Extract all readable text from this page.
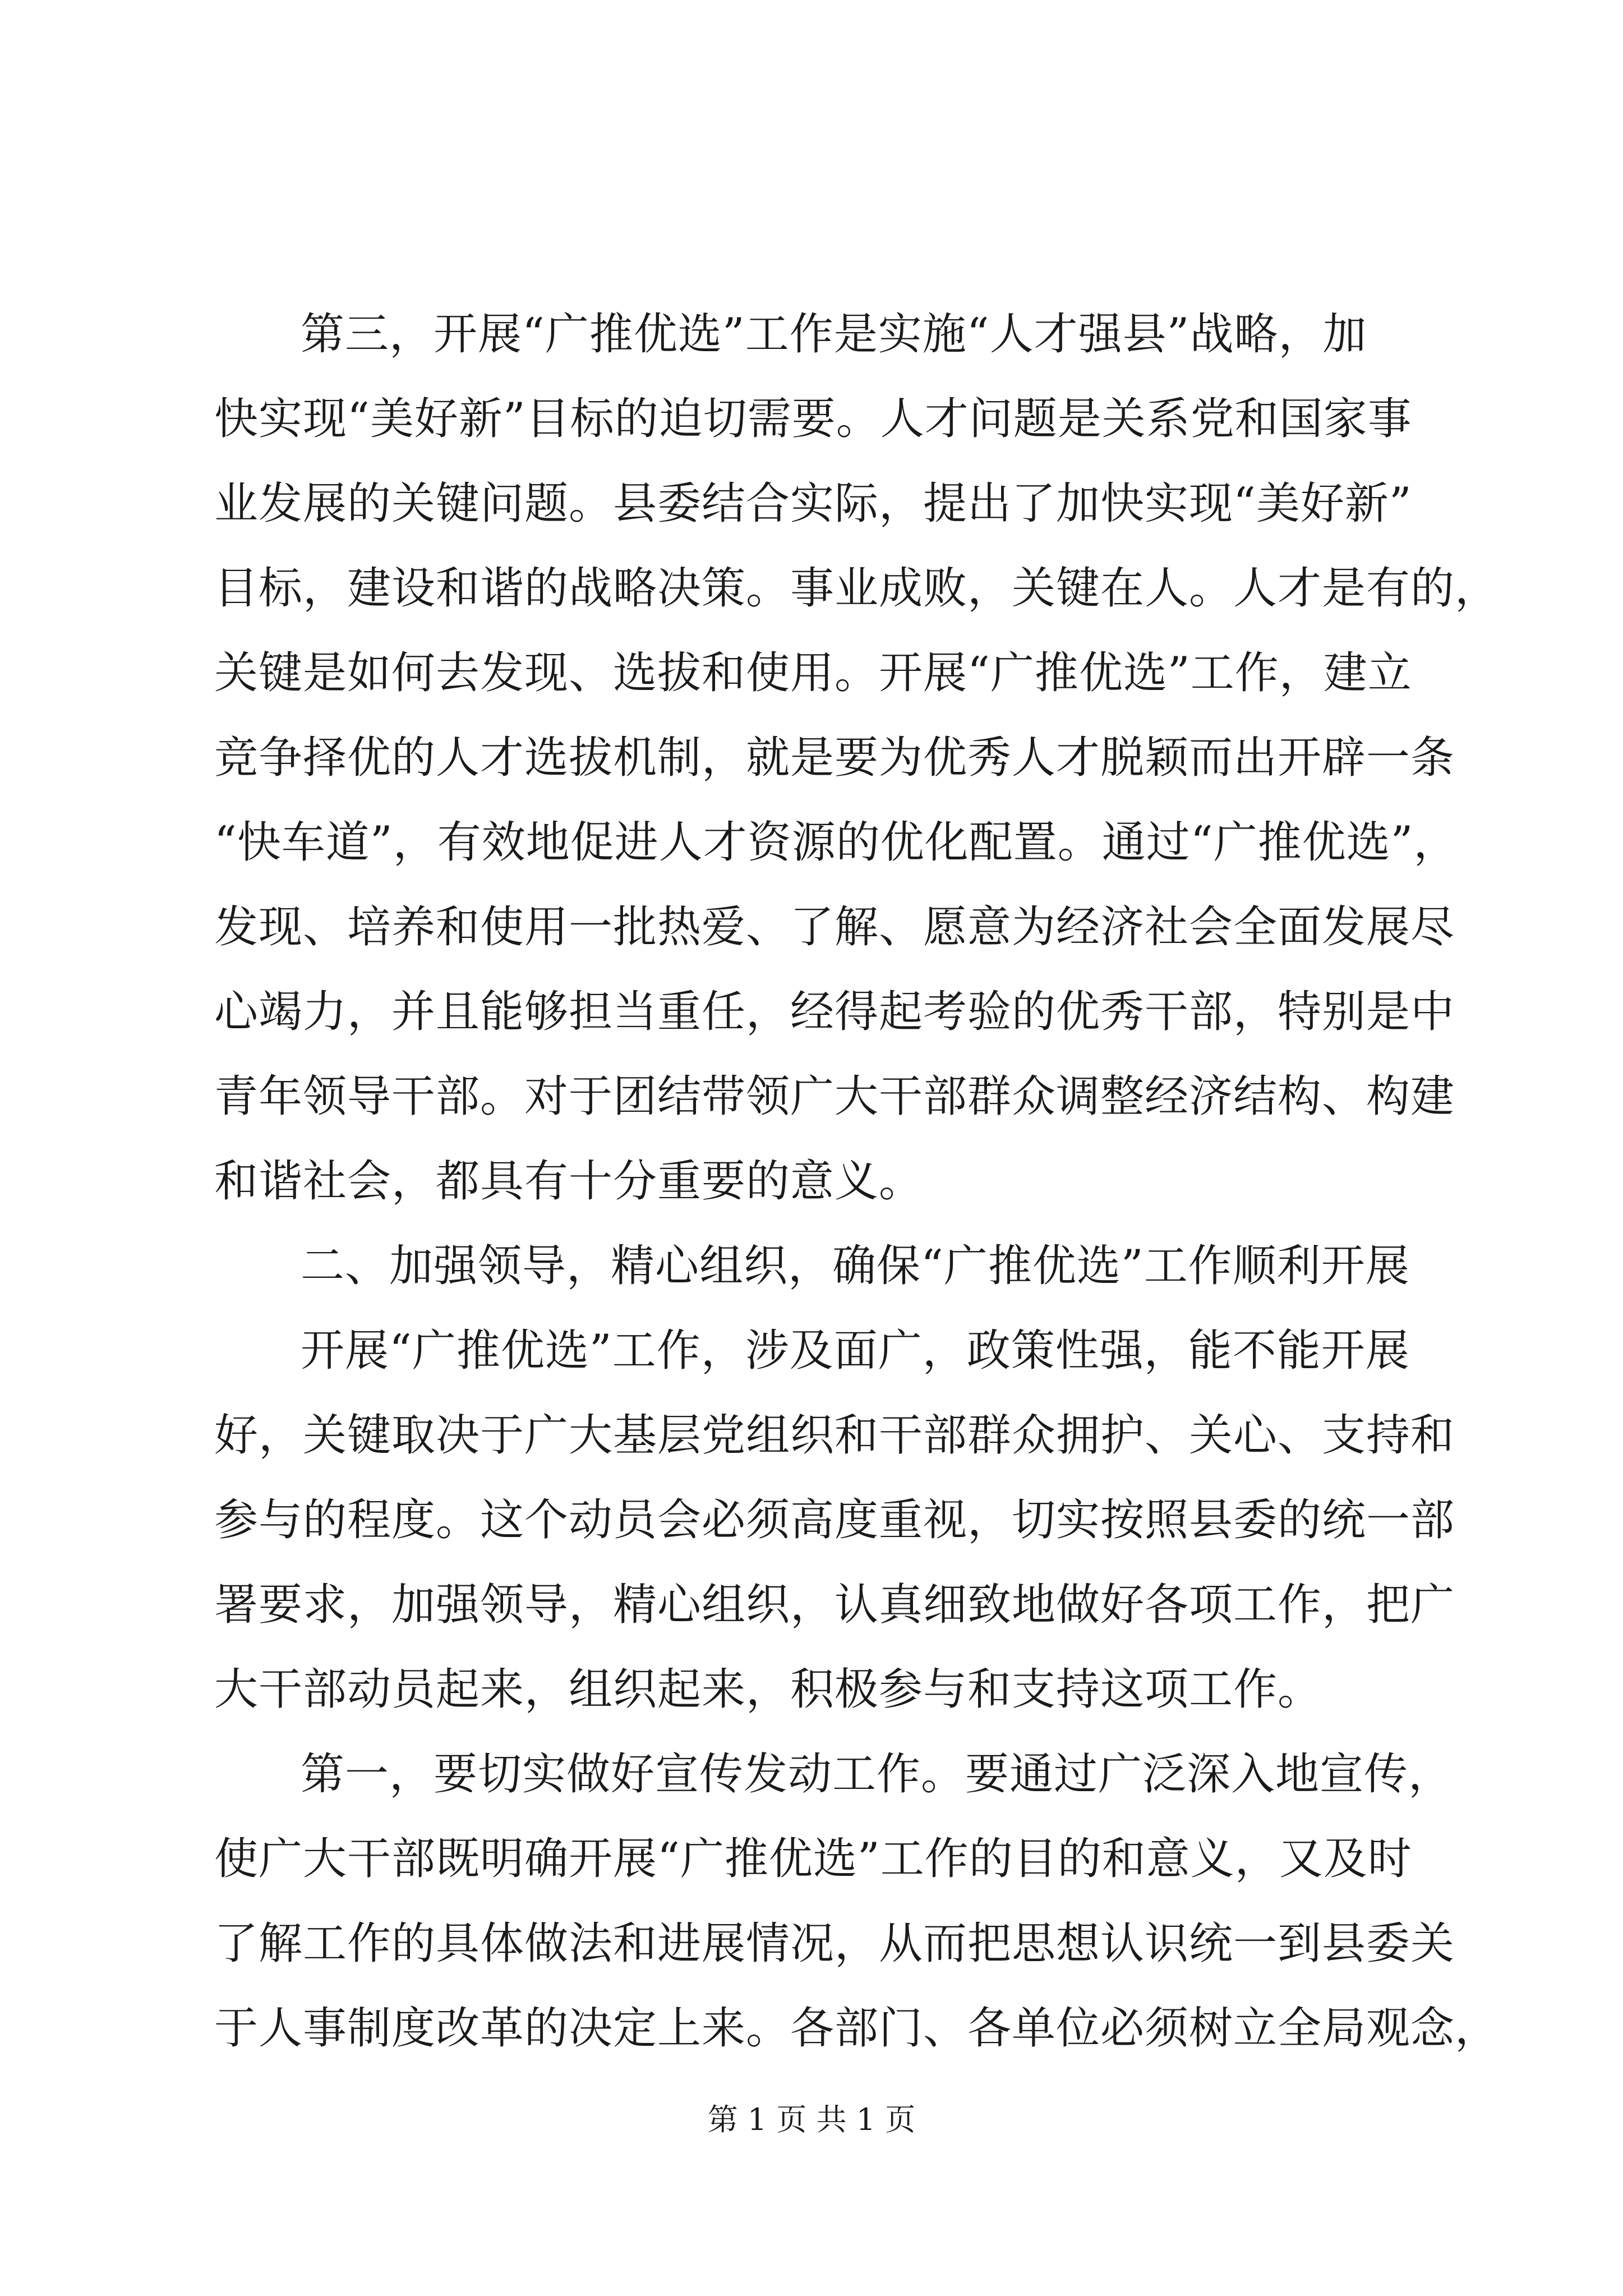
第三，开展“广推优选”工作是实施“人才强县”战略，加

快实现“美好新”目标的迫切需要。人才问题是关系党和国家事

业发展的关键问题。县委结合实际，提出了加快实现“美好新”

目标，建设和谐的战略决策。事业成败，关键在人。人才是有的，

关键是如何去发现、选拔和使用。开展“广推优选”工作，建立

竞争择优的人才选拔机制，就是要为优秀人才脱颖而出开辟一条

“快车道”，有效地促进人才资源的优化配置。通过“广推优选”，

发现、培养和使用一批热爱、了解、愿意为经济社会全面发展尽

心竭力，并且能够担当重任，经得起考验的优秀干部，特别是中

青年领导干部。对于团结带领广大干部群众调整经济结构、构建

和谐社会，都具有十分重要的意义。

二、加强领导，精心组织，确保“广推优选”工作顺利开展

开展“广推优选”工作，涉及面广，政策性强，能不能开展

好，关键取决于广大基层党组织和干部群众拥护、关心、支持和

参与的程度。这个动员会必须高度重视，切实按照县委的统一部

署要求，加强领导，精心组织，认真细致地做好各项工作，把广

大干部动员起来，组织起来，积极参与和支持这项工作。

第一，要切实做好宣传发动工作。要通过广泛深入地宣传，

使广大干部既明确开展“广推优选”工作的目的和意义，又及时

了解工作的具体做法和进展情况，从而把思想认识统一到县委关

于人事制度改革的决定上来。各部门、各单位必须树立全局观念，

第 1 页 共 1 页
